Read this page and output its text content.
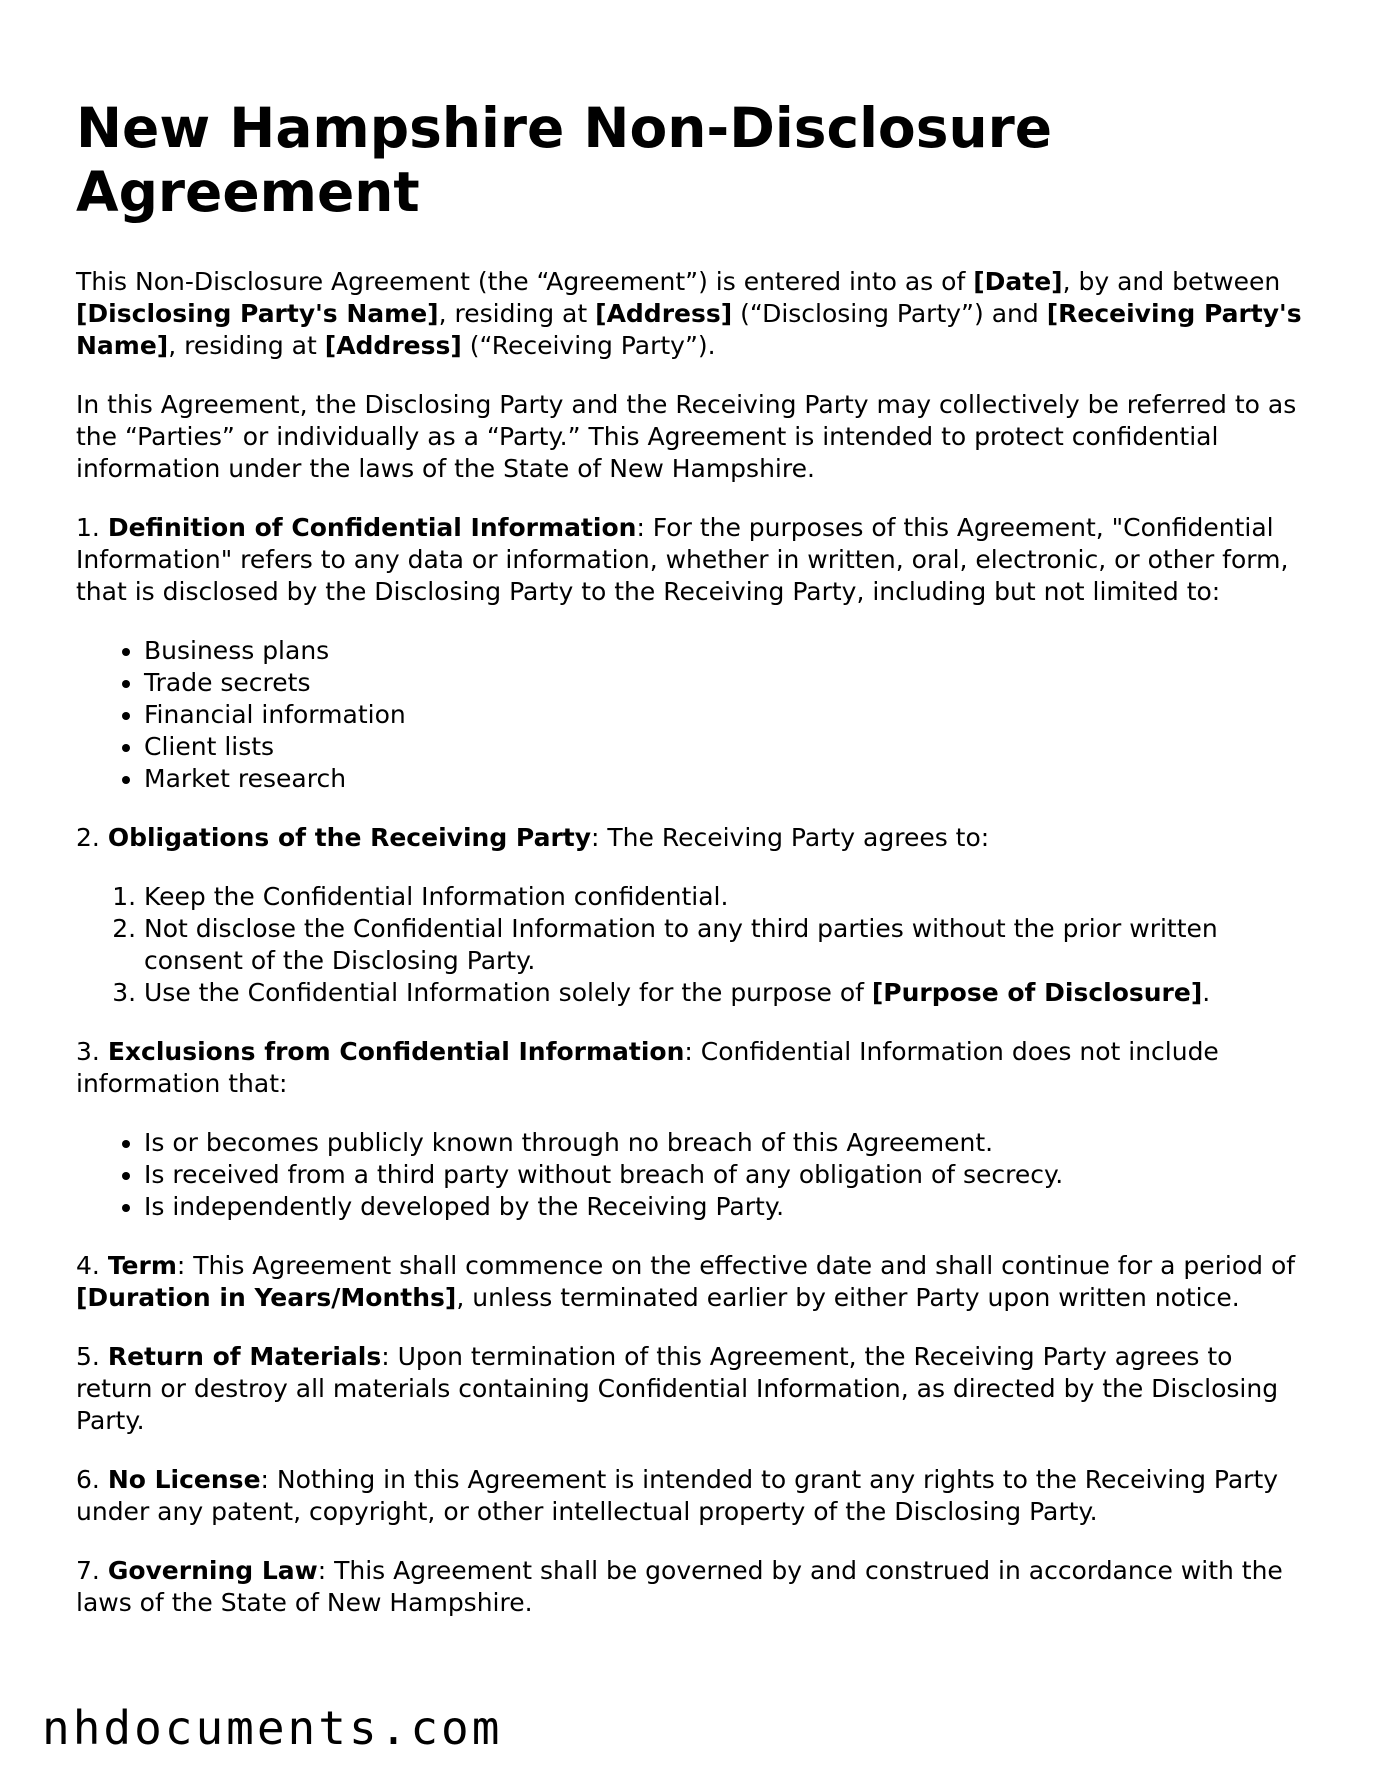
New Hampshire Non-Disclosure Agreement

This Non-Disclosure Agreement (the “Agreement”) is entered into as of [Date], by and between [Disclosing Party's Name], residing at [Address] (“Disclosing Party”) and [Receiving Party's Name], residing at [Address] (“Receiving Party”).

In this Agreement, the Disclosing Party and the Receiving Party may collectively be referred to as the “Parties” or individually as a “Party.” This Agreement is intended to protect confidential information under the laws of the State of New Hampshire.

1. Definition of Confidential Information: For the purposes of this Agreement, "Confidential Information" refers to any data or information, whether in written, oral, electronic, or other form, that is disclosed by the Disclosing Party to the Receiving Party, including but not limited to:

• Business plans
• Trade secrets
• Financial information
• Client lists
• Market research

2. Obligations of the Receiving Party: The Receiving Party agrees to:

1. Keep the Confidential Information confidential.
2. Not disclose the Confidential Information to any third parties without the prior written consent of the Disclosing Party.
3. Use the Confidential Information solely for the purpose of [Purpose of Disclosure].

3. Exclusions from Confidential Information: Confidential Information does not include information that:

• Is or becomes publicly known through no breach of this Agreement.
• Is received from a third party without breach of any obligation of secrecy.
• Is independently developed by the Receiving Party.

4. Term: This Agreement shall commence on the effective date and shall continue for a period of [Duration in Years/Months], unless terminated earlier by either Party upon written notice.

5. Return of Materials: Upon termination of this Agreement, the Receiving Party agrees to return or destroy all materials containing Confidential Information, as directed by the Disclosing Party.

6. No License: Nothing in this Agreement is intended to grant any rights to the Receiving Party under any patent, copyright, or other intellectual property of the Disclosing Party.

7. Governing Law: This Agreement shall be governed by and construed in accordance with the laws of the State of New Hampshire.

nhdocuments.com
